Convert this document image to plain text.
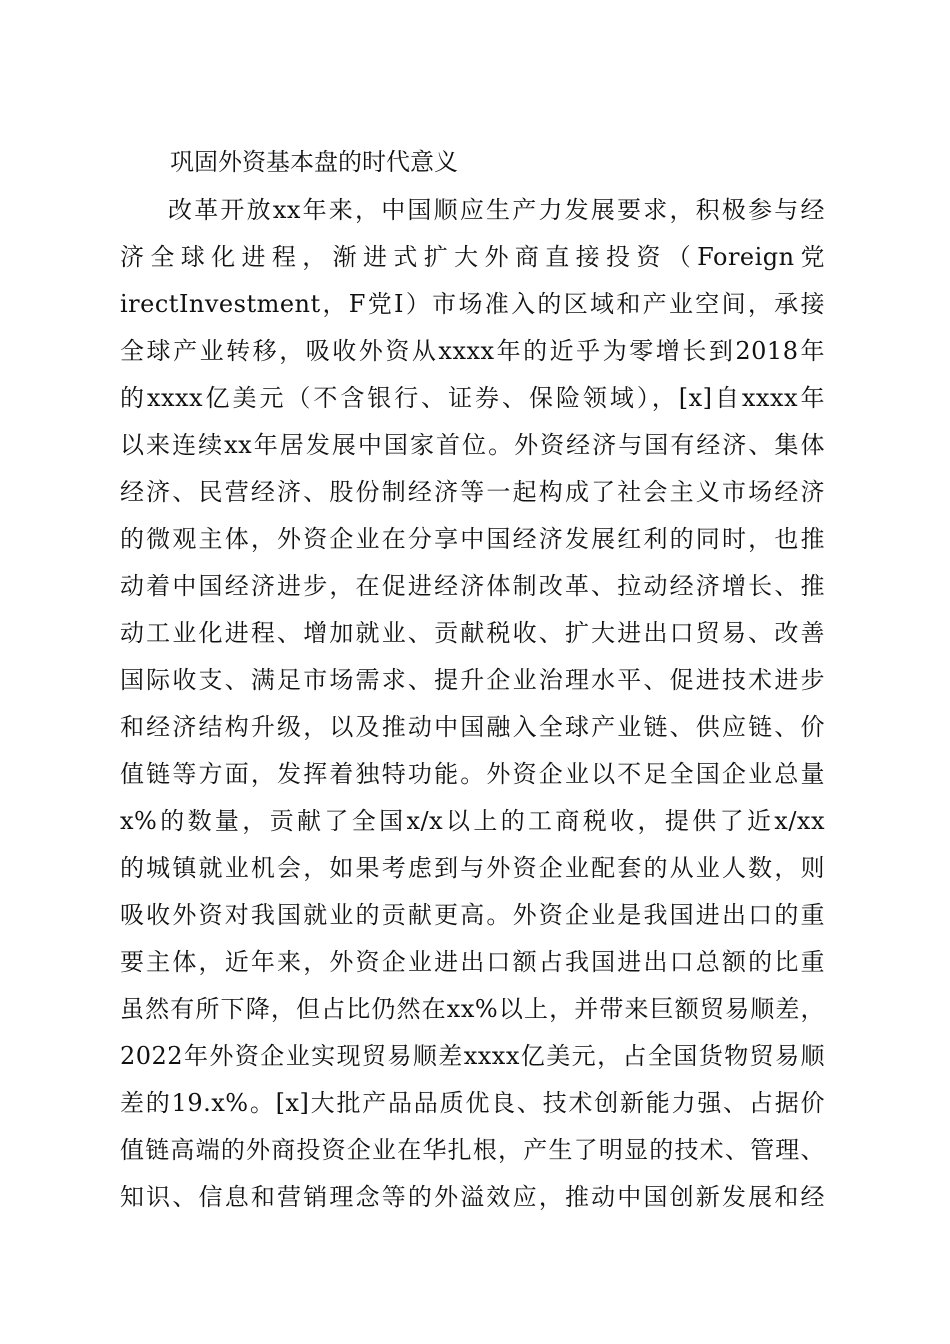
巩固外资基本盘的时代意义
改革开放xx年来，中国顺应生产力发展要求，积极参与经
济全球化进程，渐进式扩大外商直接投资（Foreign党
irectInvestment，F党I）市场准入的区域和产业空间，承接
全球产业转移，吸收外资从xxxx年的近乎为零增长到2018年
的xxxx亿美元（不含银行、证券、保险领域），[x]自xxxx年
以来连续xx年居发展中国家首位。外资经济与国有经济、集体
经济、民营经济、股份制经济等一起构成了社会主义市场经济
的微观主体，外资企业在分享中国经济发展红利的同时，也推
动着中国经济进步，在促进经济体制改革、拉动经济增长、推
动工业化进程、增加就业、贡献税收、扩大进出口贸易、改善
国际收支、满足市场需求、提升企业治理水平、促进技术进步
和经济结构升级，以及推动中国融入全球产业链、供应链、价
值链等方面，发挥着独特功能。外资企业以不足全国企业总量
x%的数量，贡献了全国x/x以上的工商税收，提供了近x/xx
的城镇就业机会，如果考虑到与外资企业配套的从业人数，则
吸收外资对我国就业的贡献更高。外资企业是我国进出口的重
要主体，近年来，外资企业进出口额占我国进出口总额的比重
虽然有所下降，但占比仍然在xx%以上，并带来巨额贸易顺差，
2022年外资企业实现贸易顺差xxxx亿美元，占全国货物贸易顺
差的19.x%。[x]大批产品品质优良、技术创新能力强、占据价
值链高端的外商投资企业在华扎根，产生了明显的技术、管理、
知识、信息和营销理念等的外溢效应，推动中国创新发展和经
